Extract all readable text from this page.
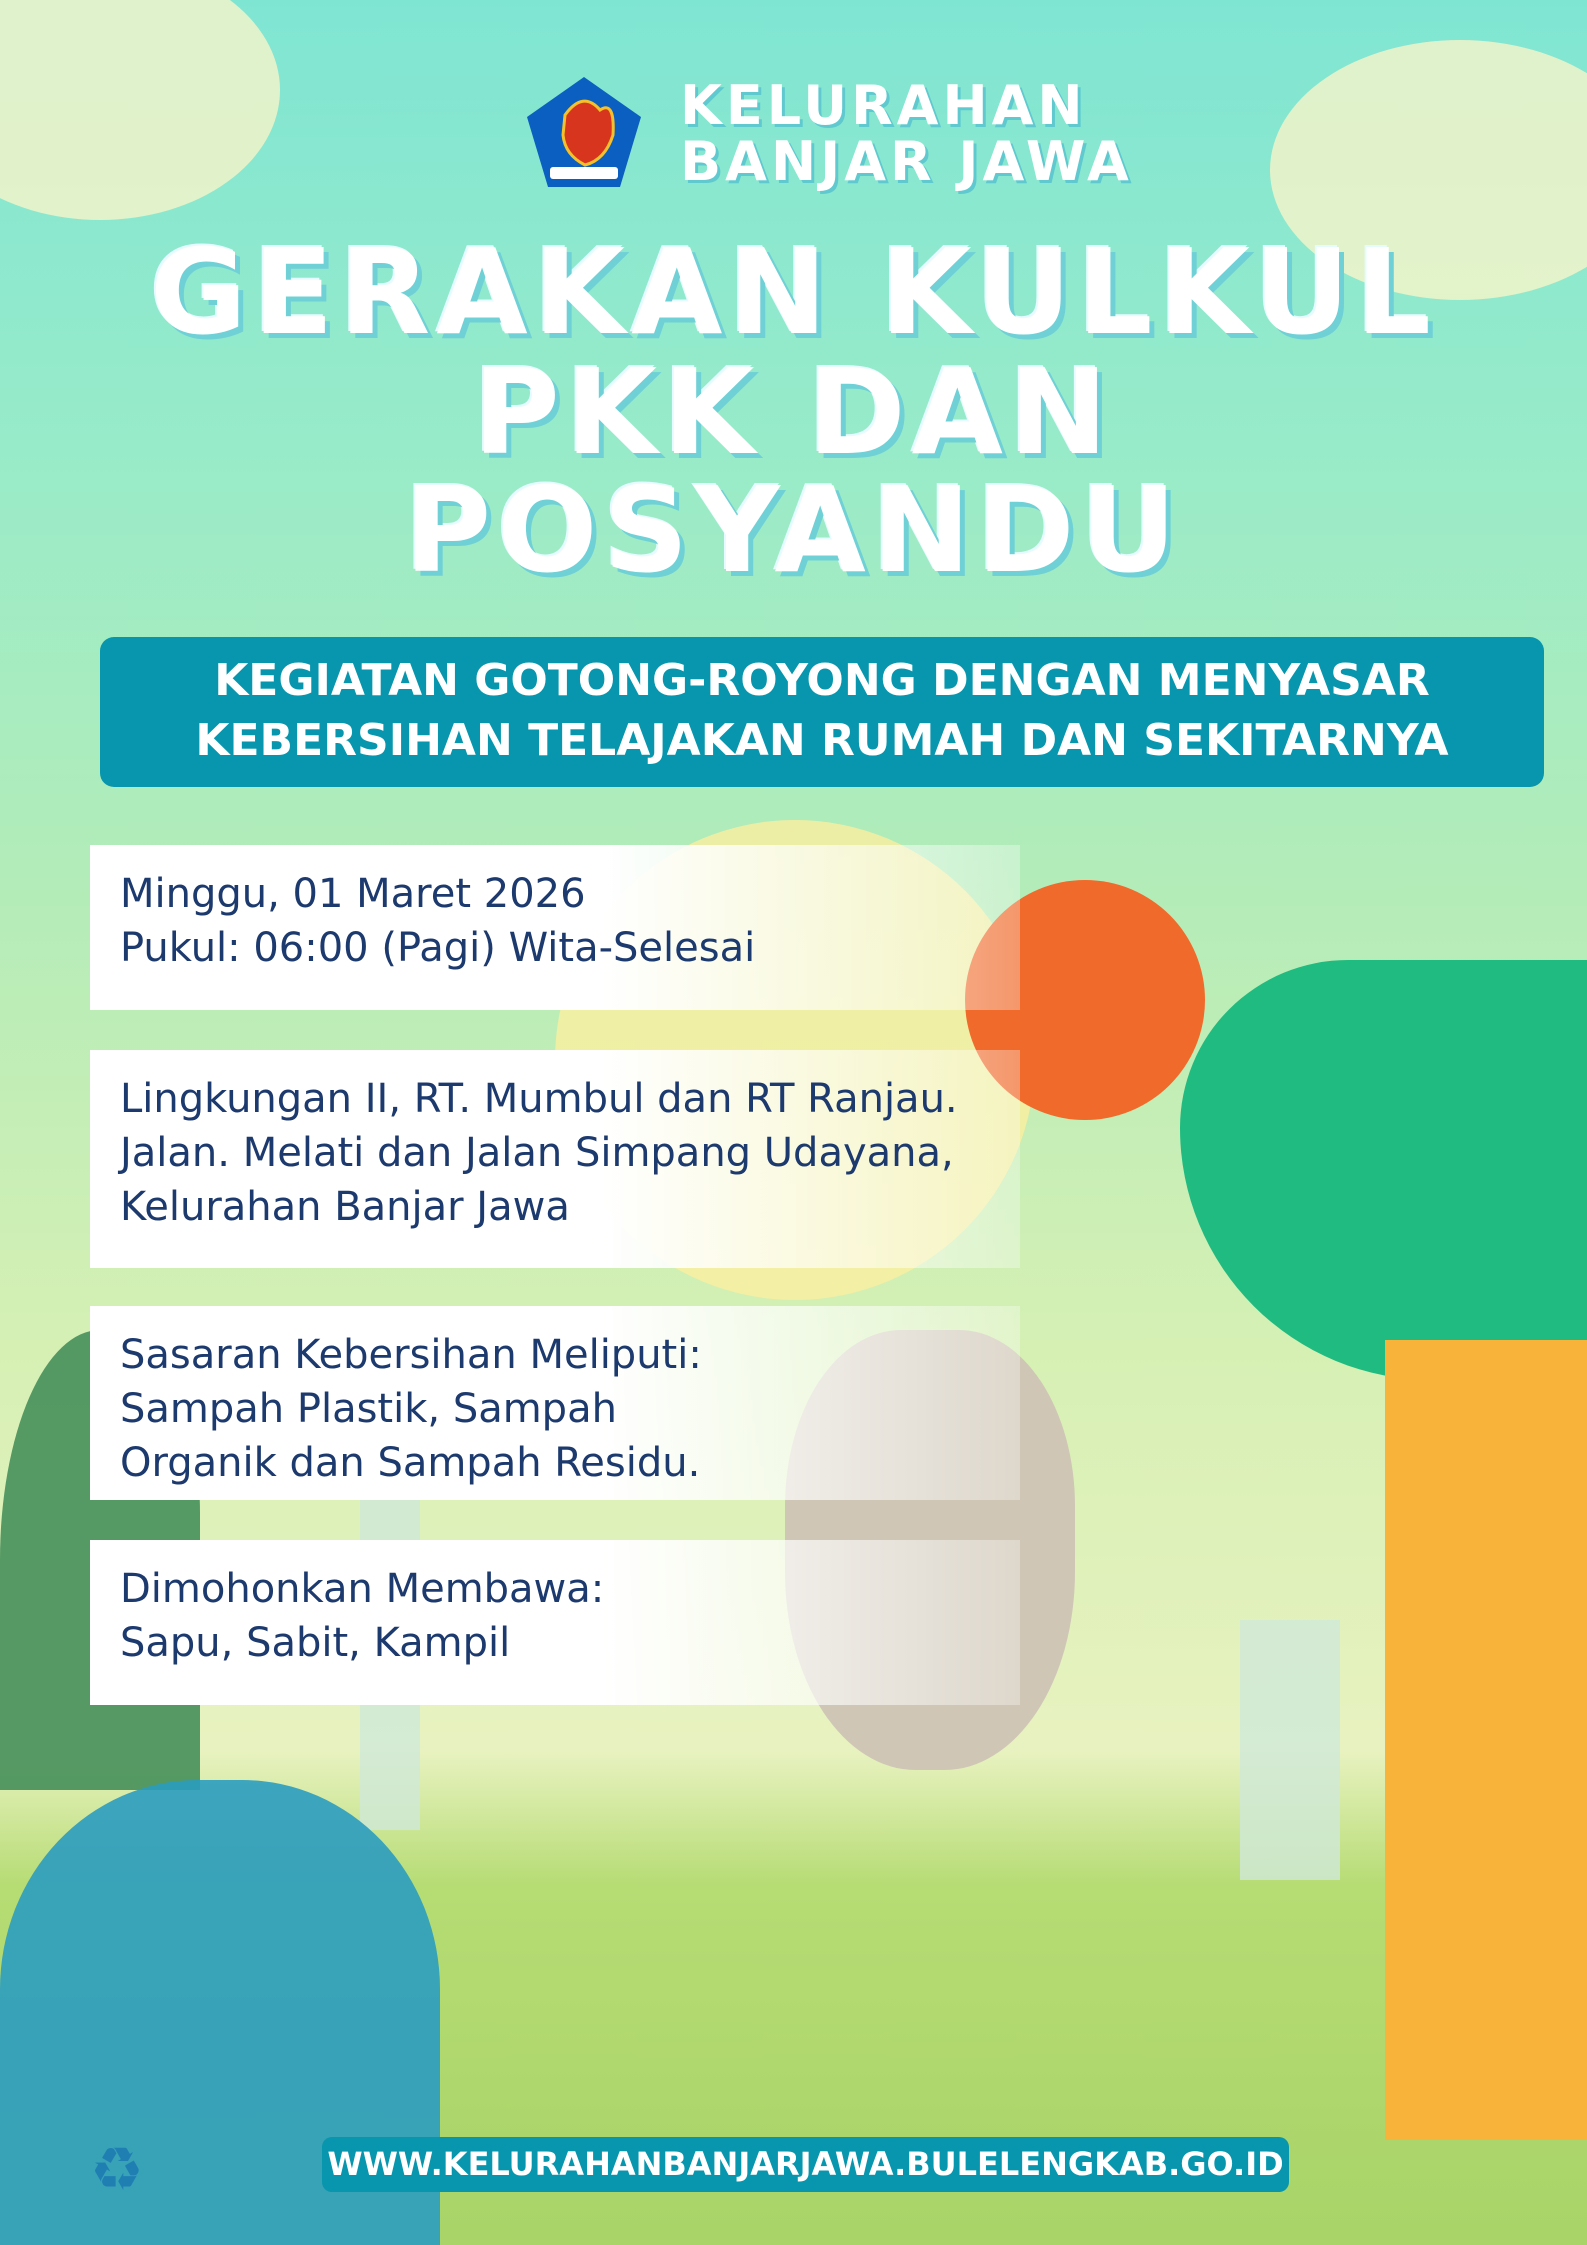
♻
KELURAHAN
BANJAR JAWA
GERAKAN KULKUL
PKK DAN
POSYANDU
KEGIATAN GOTONG-ROYONG DENGAN MENYASAR
KEBERSIHAN TELAJAKAN RUMAH DAN SEKITARNYA
Minggu, 01 Maret 2026
Pukul: 06:00 (Pagi) Wita-Selesai
Lingkungan II, RT. Mumbul dan RT Ranjau.
Jalan. Melati dan Jalan Simpang Udayana,
Kelurahan Banjar Jawa
Sasaran Kebersihan Meliputi:
Sampah Plastik, Sampah
Organik dan Sampah Residu.
Dimohonkan Membawa:
Sapu, Sabit, Kampil
WWW.KELURAHANBANJARJAWA.BULELENGKAB.GO.ID
